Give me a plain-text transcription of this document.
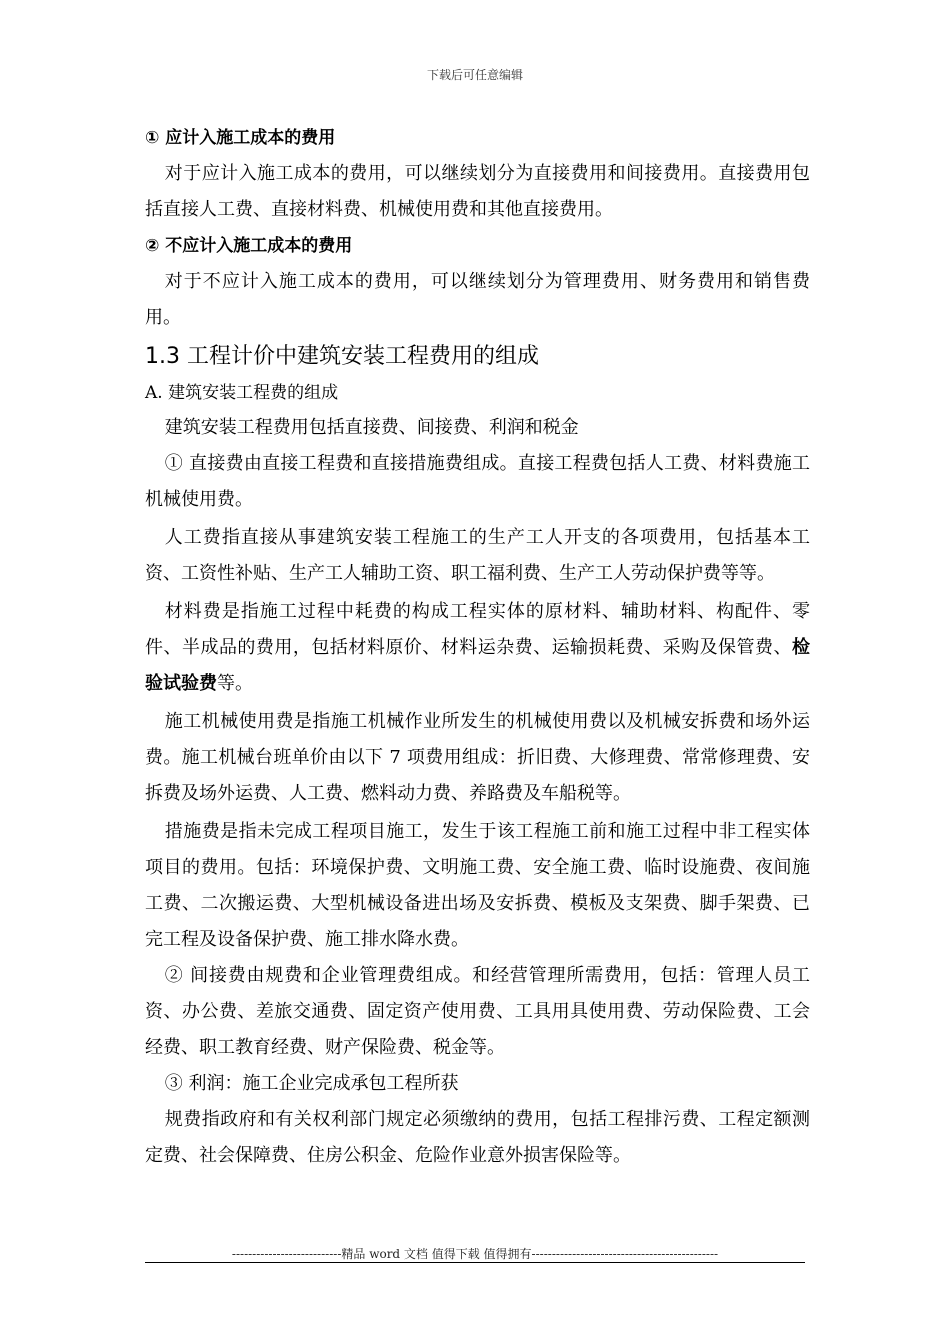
下载后可任意编辑

① 应计入施工成本的费用

对于应计入施工成本的费用，可以继续划分为直接费用和间接费用。直接费用包括直接人工费、直接材料费、机械使用费和其他直接费用。

② 不应计入施工成本的费用

对于不应计入施工成本的费用，可以继续划分为管理费用、财务费用和销售费用。

1.3 工程计价中建筑安装工程费用的组成

A. 建筑安装工程费的组成

建筑安装工程费用包括直接费、间接费、利润和税金

① 直接费由直接工程费和直接措施费组成。直接工程费包括人工费、材料费施工机械使用费。

人工费指直接从事建筑安装工程施工的生产工人开支的各项费用，包括基本工资、工资性补贴、生产工人辅助工资、职工福利费、生产工人劳动保护费等等。

材料费是指施工过程中耗费的构成工程实体的原材料、辅助材料、构配件、零件、半成品的费用，包括材料原价、材料运杂费、运输损耗费、采购及保管费、检验试验费等。

施工机械使用费是指施工机械作业所发生的机械使用费以及机械安拆费和场外运费。施工机械台班单价由以下 7 项费用组成：折旧费、大修理费、常常修理费、安拆费及场外运费、人工费、燃料动力费、养路费及车船税等。

措施费是指未完成工程项目施工，发生于该工程施工前和施工过程中非工程实体项目的费用。包括：环境保护费、文明施工费、安全施工费、临时设施费、夜间施工费、二次搬运费、大型机械设备进出场及安拆费、模板及支架费、脚手架费、已完工程及设备保护费、施工排水降水费。

② 间接费由规费和企业管理费组成。和经营管理所需费用，包括：管理人员工资、办公费、差旅交通费、固定资产使用费、工具用具使用费、劳动保险费、工会经费、职工教育经费、财产保险费、税金等。

③ 利润：施工企业完成承包工程所获

规费指政府和有关权利部门规定必须缴纳的费用，包括工程排污费、工程定额测定费、社会保障费、住房公积金、危险作业意外损害保险等。

---------------------------精品 word 文档 值得下载 值得拥有----------------------------------------------
